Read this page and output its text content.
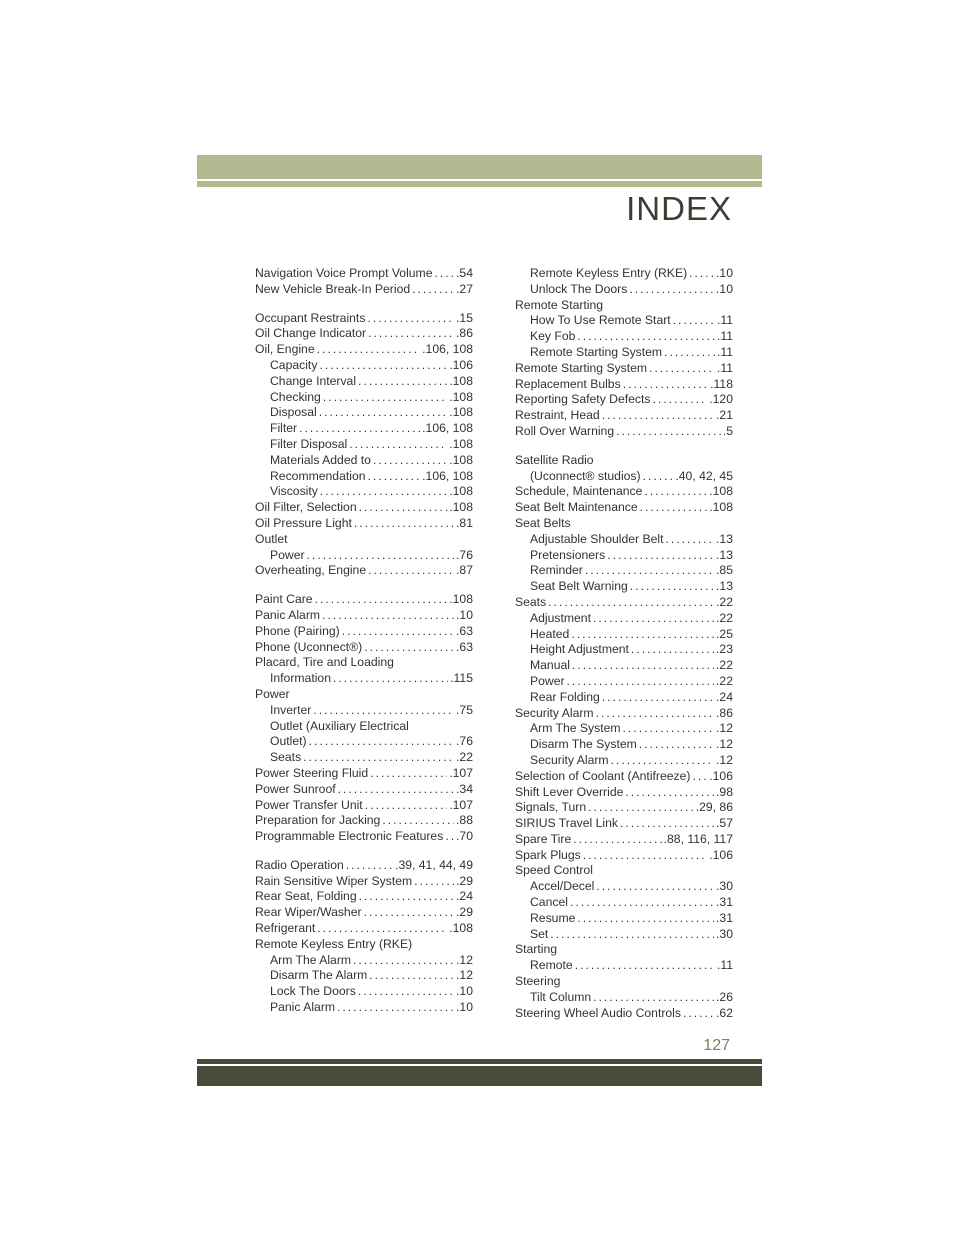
INDEX
Navigation Voice Prompt Volume ..... .54
New Vehicle Break-In Period .....	.27
Occupant Restraints .....	.15
Oil Change Indicator .....	.86
Oil, Engine .....	.106, 108
Capacity .....	.106
Change Interval .....	.108
Checking .....	.108
Disposal .....	.108
Filter .....	.106, 108
Filter Disposal .....	.108
Materials Added to .....	.108
Recommendation .....	.106, 108
Viscosity .....	.108
Oil Filter, Selection .....	.108
Oil Pressure Light .....	.81
Outlet
Power .....	.76
Overheating, Engine .....	.87
Paint Care .....	.108
Panic Alarm .....	.10
Phone (Pairing) .....	.63
Phone (Uconnect®) .....	.63
Placard, Tire and Loading
Information .....	.115
Power
Inverter .....	.75
Outlet (Auxiliary Electrical
Outlet) .....	.76
Seats .....	.22
Power Steering Fluid .....	.107
Power Sunroof .....	.34
Power Transfer Unit .....	.107
Preparation for Jacking .....	.88
Programmable Electronic Features ..... .70
Radio Operation .....	.39, 41, 44, 49
Rain Sensitive Wiper System .....	.29
Rear Seat, Folding .....	.24
Rear Wiper/Washer .....	.29
Refrigerant .....	.108
Remote Keyless Entry (RKE)
Arm The Alarm .....	.12
Disarm The Alarm .....	.12
Lock The Doors .....	.10
Panic Alarm .....	.10
Remote Keyless Entry (RKE) ..... .10
Unlock The Doors .....	.10
Remote Starting
How To Use Remote Start .....	.11
Key Fob .....	.11
Remote Starting System .....	.11
Remote Starting System .....	.11
Replacement Bulbs .....	.118
Reporting Safety Defects .....	.120
Restraint, Head .....	.21
Roll Over Warning .....	.5
Satellite Radio
(Uconnect® studios) .....	.40, 42, 45
Schedule, Maintenance .....	.108
Seat Belt Maintenance .....	.108
Seat Belts
Adjustable Shoulder Belt .....	.13
Pretensioners .....	.13
Reminder .....	.85
Seat Belt Warning .....	.13
Seats .....	.22
Adjustment .....	.22
Heated .....	.25
Height Adjustment .....	.23
Manual .....	.22
Power .....	.22
Rear Folding .....	.24
Security Alarm .....	.86
Arm The System .....	.12
Disarm The System .....	.12
Security Alarm .....	.12
Selection of Coolant (Antifreeze) ..... .106
Shift Lever Override .....	.98
Signals, Turn .....	.29, 86
SIRIUS Travel Link .....	.57
Spare Tire .....	.88, 116, 117
Spark Plugs .....	.106
Speed Control
Accel/Decel .....	.30
Cancel .....	.31
Resume .....	.31
Set .....	.30
Starting
Remote .....	.11
Steering
Tilt Column .....	.26
Steering Wheel Audio Controls .....	.62
127
